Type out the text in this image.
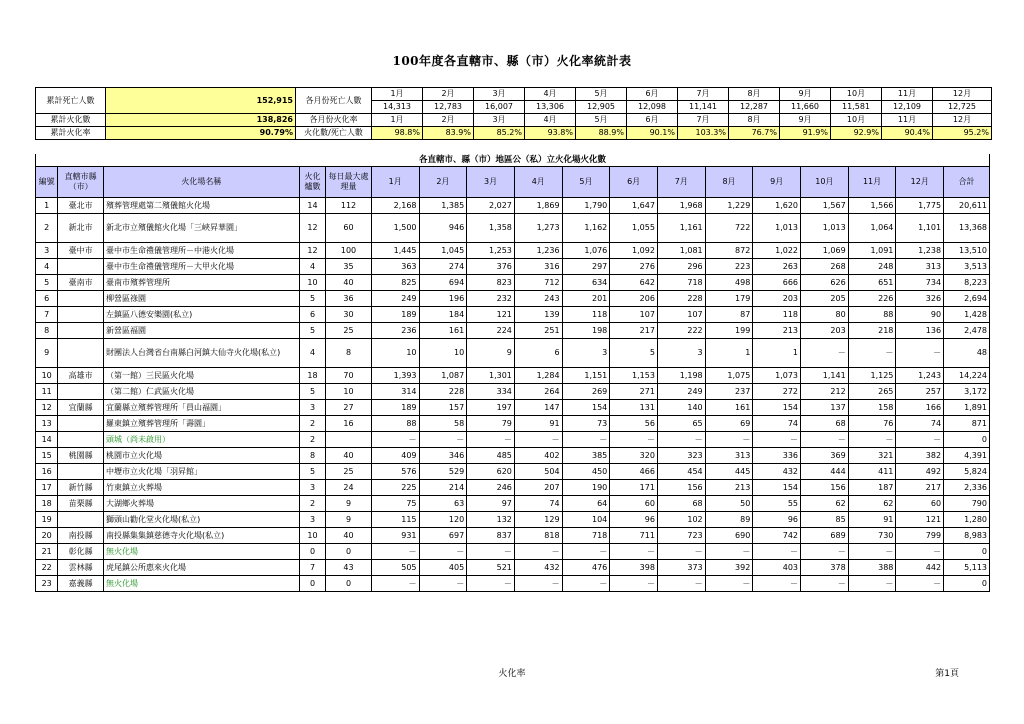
100年度各直轄市、縣（市）火化率統計表
累計死亡人數	152,915	各月份死亡人數	1月	2月	3月	4月	5月	6月	7月	8月	9月	10月	11月	12月
			14,313	12,783	16,007	13,306	12,905	12,098	11,141	12,287	11,660	11,581	12,109	12,725
累計火化數	138,826	各月份火化率	1月	2月	3月	4月	5月	6月	7月	8月	9月	10月	11月	12月
累計火化率	90.79%	火化數/死亡人數	98.8%	83.9%	85.2%	93.8%	88.9%	90.1%	103.3%	76.7%	91.9%	92.9%	90.4%	95.2%
各直轄市、縣（市）地區公（私）立火化場火化數																	
編號	直轄市縣（市）	火化場名稱	火化爐數	每日最大處理量	1月	2月	3月	4月	5月	6月	7月	8月	9月	10月	11月	12月	合計
1	臺北市	殯葬管理處第二殯儀館火化場	14	112	2,168	1,385	2,027	1,869	1,790	1,647	1,968	1,229	1,620	1,567	1,566	1,775	20,611
2	新北市	新北市立殯儀館火化場「三峽昇華園」	12	60	1,500	946	1,358	1,273	1,162	1,055	1,161	722	1,013	1,013	1,064	1,101	13,368
3	臺中市	臺中市生命禮儀管理所－中港火化場	12	100	1,445	1,045	1,253	1,236	1,076	1,092	1,081	872	1,022	1,069	1,091	1,238	13,510
4		臺中市生命禮儀管理所－大甲火化場	4	35	363	274	376	316	297	276	296	223	263	268	248	313	3,513
5	臺南市	臺南市殯葬管理所	10	40	825	694	823	712	634	642	718	498	666	626	651	734	8,223
6		柳營區祿園	5	36	249	196	232	243	201	206	228	179	203	205	226	326	2,694
7		左鎮區八德安樂園(私立)	6	30	189	184	121	139	118	107	107	87	118	80	88	90	1,428
8		新營區福園	5	25	236	161	224	251	198	217	222	199	213	203	218	136	2,478
9		財團法人台灣省台南縣白河鎮大仙寺火化場(私立)	4	8	10	10	9	6	3	5	3	1	1	－	－	－	48
10	高雄市	（第一館）三民區火化場	18	70	1,393	1,087	1,301	1,284	1,151	1,153	1,198	1,075	1,073	1,141	1,125	1,243	14,224
11		（第二館）仁武區火化場	5	10	314	228	334	264	269	271	249	237	272	212	265	257	3,172
12	宜蘭縣	宜蘭縣立殯葬管理所「員山福園」	3	27	189	157	197	147	154	131	140	161	154	137	158	166	1,891
13		羅東鎮立殯葬管理所「壽園」	2	16	88	58	79	91	73	56	65	69	74	68	76	74	871
14		頭城（尚未啟用）	2		－	－	－	－	－	－	－	－	－	－	－	－	0
15	桃園縣	桃園市立火化場	8	40	409	346	485	402	385	320	323	313	336	369	321	382	4,391
16		中壢市立火化場「羽昇館」	5	25	576	529	620	504	450	466	454	445	432	444	411	492	5,824
17	新竹縣	竹東鎮立火葬場	3	24	225	214	246	207	190	171	156	213	154	156	187	217	2,336
18	苗栗縣	大湖鄉火葬場	2	9	75	63	97	74	64	60	68	50	55	62	62	60	790
19		獅頭山勸化堂火化場(私立)	3	9	115	120	132	129	104	96	102	89	96	85	91	121	1,280
20	南投縣	南投縣集集鎮慈德寺火化場(私立)	10	40	931	697	837	818	718	711	723	690	742	689	730	799	8,983
21	彰化縣	無火化場	0	0	－	－	－	－	－	－	－	－	－	－	－	－	0
22	雲林縣	虎尾鎮公所惠來火化場	7	43	505	405	521	432	476	398	373	392	403	378	388	442	5,113
23	嘉義縣	無火化場	0	0	－	－	－	－	－	－	－	－	－	－	－	－	0
火化率	第1頁
